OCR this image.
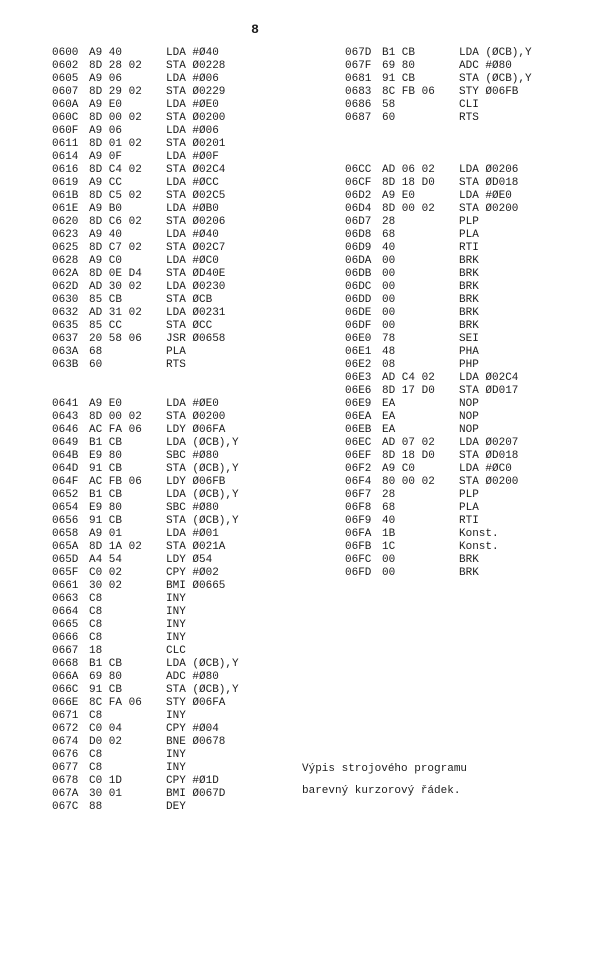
8
0600 A9 40	LDA #Ø40
0602 8D 28 02 STA Ø0228
0605 A9 06	LDA #Ø06
0607 8D 29 02 STA Ø0229
060A A9 E0	LDA #ØE0
060C 8D 00 02 STA Ø0200
060F A9 06	LDA #Ø06
0611 8D 01 02 STA Ø0201
0614 A9 0F	LDA #Ø0F
0616 8D C4 02 STA Ø02C4
0619 A9 CC	LDA #ØCC
061B 8D C5 02 STA Ø02C5
061E A9 B0	LDA #ØB0
0620 8D C6 02 STA Ø0206
0623 A9 40	LDA #Ø40
0625 8D C7 02 STA Ø02C7
0628 A9 C0	LDA #ØC0
062A 8D 0E D4 STA ØD40E
062D AD 30 02 LDA Ø0230
0630 85 CB	STA ØCB
0632 AD 31 02 LDA Ø0231
0635 85 CC	STA ØCC
0637 20 58 06 JSR Ø0658
063A 68	PLA
063B 60	RTS
0641 A9 E0	LDA #ØE0
0643 8D 00 02 STA Ø0200
0646 AC FA 06 LDY Ø06FA
0649 B1 CB	LDA (ØCB),Y
064B E9 80	SBC #Ø80
064D 91 CB	STA (ØCB),Y
064F AC FB 06 LDY Ø06FB
0652 B1 CB	LDA (ØCB),Y
0654 E9 80	SBC #Ø80
0656 91 CB	STA (ØCB),Y
0658 A9 01	LDA #Ø01
065A 8D 1A 02 STA Ø021A
065D A4 54	LDY Ø54
065F C0 02	CPY #Ø02
0661 30 02	BMI Ø0665
0663 C8	INY
0664 C8	INY
0665 C8	INY
0666 C8	INY
0667 18	CLC
0668 B1 CB	LDA (ØCB),Y
066A 69 80	ADC #Ø80
066C 91 CB	STA (ØCB),Y
066E 8C FA 06 STY Ø06FA
0671 C8	INY
0672 C0 04	CPY #Ø04
0674 D0 02	BNE Ø0678
0676 C8	INY
0677 C8	INY
0678 C0 1D	CPY #Ø1D
067A 30 01	BMI Ø067D
067C 88	DEY
067D B1 CB	LDA (ØCB),Y
067F 69 80	ADC #Ø80
0681 91 CB	STA (ØCB),Y
0683 8C FB 06 STY Ø06FB
0686 58	CLI
0687 60	RTS
06CC AD 06 02 LDA Ø0206
06CF 8D 18 D0 STA ØD018
06D2 A9 E0	LDA #ØE0
06D4 8D 00 02 STA Ø0200
06D7 28	PLP
06D8 68	PLA
06D9 40	RTI
06DA 00	BRK
06DB 00	BRK
06DC 00	BRK
06DD 00	BRK
06DE 00	BRK
06DF 00	BRK
06E0 78	SEI
06E1 48	PHA
06E2 08	PHP
06E3 AD C4 02 LDA Ø02C4
06E6 8D 17 D0 STA ØD017
06E9 EA	NOP
06EA EA	NOP
06EB EA	NOP
06EC AD 07 02 LDA Ø0207
06EF 8D 18 D0 STA ØD018
06F2 A9 C0	LDA #ØC0
06F4 80 00 02 STA Ø0200
06F7 28	PLP
06F8 68	PLA
06F9 40	RTI
06FA 1B	Konst.
06FB 1C	Konst.
06FC 00	BRK
06FD 00	BRK
Výpis strojového programu
barevný kurzorový řádek.
